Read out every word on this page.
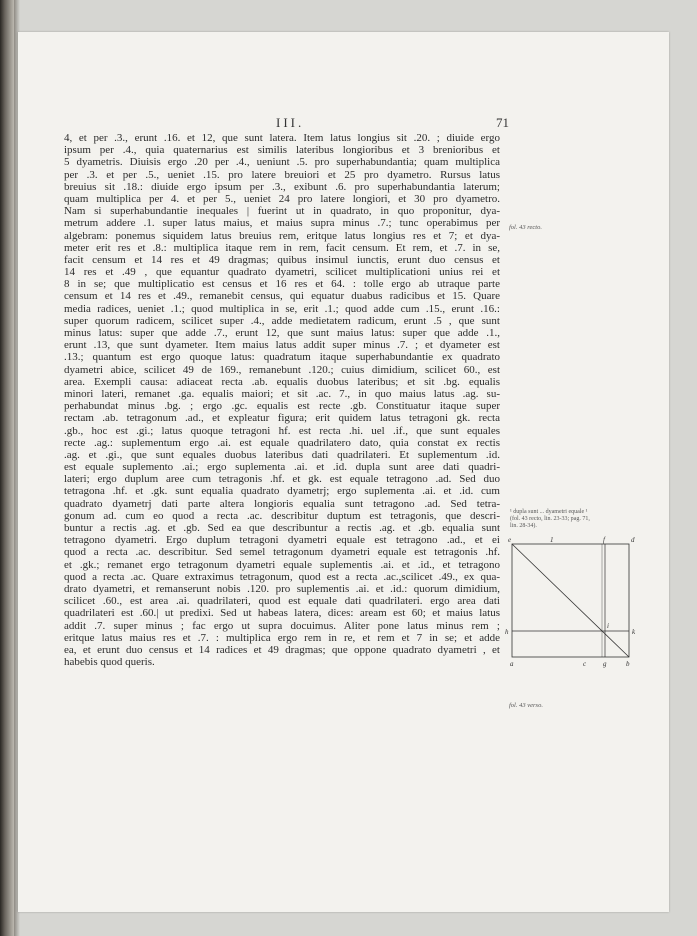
III.	71
4, et per .3., erunt .16. et 12, que sunt latera. Item latus longius sit .20. ; diuide ergo
ipsum per .4., quia quaternarius est similis lateribus longioribus et 3 brenioribus et
5 dyametris. Diuisis ergo .20 per .4., ueniunt .5. pro superhabundantia; quam multiplica
per .3. et per .5., ueniet .15. pro latere breuiori et 25 pro dyametro. Rursus latus
breuius sit .18.: diuide ergo ipsum per .3., exibunt .6. pro superhabundantia laterum;
quam multiplica per 4. et per 5., ueniet 24 pro latere longiori, et 30 pro dyametro.
Nam si superhabundantie inequales | fuerint ut in quadrato, in quo proponitur, dya-
metrum addere .1. super latus maius, et maius supra minus .7.; tunc operabimus per
algebram: ponemus siquidem latus breuius rem, eritque latus longius res et 7; et dya-
meter erit res et .8.: multiplica itaque rem in rem, facit censum. Et rem, et .7. in se,
facit censum et 14 res et 49 dragmas; quibus insimul iunctis, erunt duo census et
14 res et .49 , que equantur quadrato dyametri, scilicet multiplicationi unius rei et
8 in se; que multiplicatio est census et 16 res et 64. : tolle ergo ab utraque parte
censum et 14 res et .49., remanebit census, qui equatur duabus radicibus et 15. Quare
media radices, ueniet .1.; quod multiplica in se, erit .1.; quod adde cum .15., erunt .16.:
super quorum radicem, scilicet super .4., adde medietatem radicum, erunt .5 , que sunt
minus latus: super que adde .7., erunt 12, que sunt maius latus: super que adde .1.,
erunt .13, que sunt dyameter. Item maius latus addit super minus .7. ; et dyameter est
.13.; quantum est ergo quoque latus: quadratum itaque superhabundantie ex quadrato
dyametri abice, scilicet 49 de 169., remanebunt .120.; cuius dimidium, scilicet 60., est
area. Exempli causa: adiaceat recta .ab. equalis duobus lateribus; et sit .bg. equalis
minori lateri, remanet .ga. equalis maiori; et sit .ac. 7., in quo maius latus .ag. su-
perhabundat minus .bg. ; ergo .gc. equalis est recte .gb. Constituatur itaque super
rectam .ab. tetragonum .ad., et expleatur figura; erit quidem latus tetragoni gk. recta
.gb., hoc est .gi.; latus quoque tetragoni hf. est recta .hi. uel .if., que sunt equales
recte .ag.: suplementum ergo .ai. est equale quadrilatero dato, quia constat ex rectis
.ag. et .gi., que sunt equales duobus lateribus dati quadrilateri. Et suplementum .id.
est equale suplemento .ai.; ergo suplementa .ai. et .id. dupla sunt aree dati quadri-
lateri; ergo duplum aree cum tetragonis .hf. et gk. est equale tetragono .ad. Sed duo
tetragona .hf. et .gk. sunt equalia quadrato dyametrj; ergo suplementa .ai. et .id. cum
quadrato dyametrj dati parte altera longioris equalia sunt tetragono .ad. Sed tetra-
gonum ad. cum eo quod a recta .ac. describitur duptum est tetragonis, que descri-
buntur a rectis .ag. et .gb. Sed ea que describuntur a rectis .ag. et .gb. equalia sunt
tetragono dyametri. Ergo duplum tetragoni dyametri equale est tetragono .ad., et ei
quod a recta .ac. describitur. Sed semel tetragonum dyametri equale est tetragonis .hf.
et .gk.; remanet ergo tetragonum dyametri equale suplementis .ai. et .id., et tetragono
quod a recta .ac. Quare extraximus tetragonum, quod est a recta .ac.,scilicet .49., ex qua-
drato dyametri, et remanserunt nobis .120. pro suplementis .ai. et .id.: quorum dimidium,
scilicet .60., est area .ai. quadrilateri, quod est equale dati quadrilateri. ergo area dati
quadrilateri est .60.| ut predixi. Sed ut habeas latera, dices: aream est 60; et maius latus
addit .7. super minus ; fac ergo ut supra docuimus. Aliter pone latus minus rem ;
eritque latus maius res et .7. : multiplica ergo rem in re, et rem et 7 in se; et adde
ea, et erunt duo census et 14 radices et 49 dragmas; que oppone quadrato dyametri , et
habebis quod queris.
fol. 43 recto.
fol. 43 verso.
¹ dupla sunt ... dyametri equale ¹
(fol. 43 recto, lin. 23-33; pag. 71,
lin. 28-34).
e	f	d
1
h
i
k
a	c g	b
